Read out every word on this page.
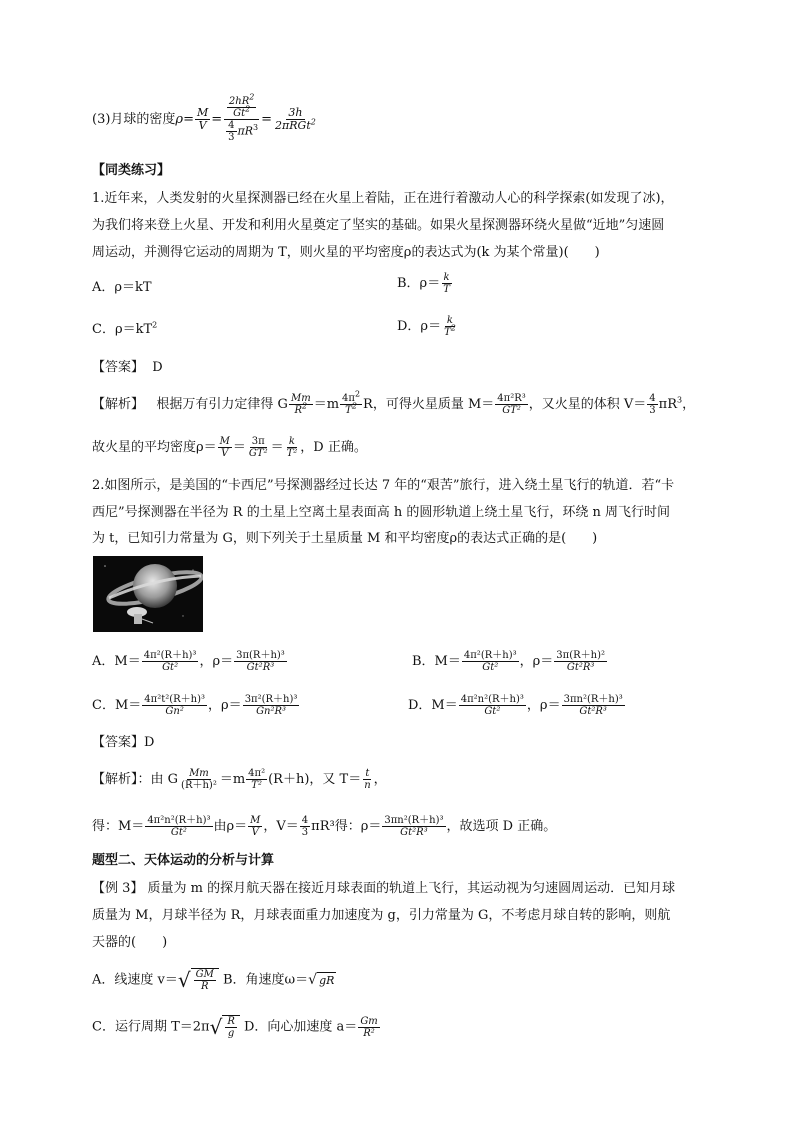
(3)月球的密度$\rho= \frac{M}{V} = \frac{\frac{2hR^2}{Gt^2}}{\frac{4}{3} \pi R^3} = \frac{3h}{2\pi RGt^2}$
【同类练习】
1.近年来，人类发射的火星探测器已经在火星上着陆，正在进行着激动人心的科学探索(如发现了冰)，
为我们将来登上火星、开发和利用火星奠定了坚实的基础。如果火星探测器环绕火星做“近地”匀速圆
周运动，并测得它运动的周期为 T，则火星的平均密度ρ的表达式为(k 为某个常量)(　　)
A．ρ＝kT	B．$\rho= \frac{k}{T}$
C．$\rho=kT^2$	D．$\rho= \frac{k}{T^2}$
【答案】 D
【解析】 根据万有引力定律得 G $\frac{Mm}{R^2} =m \frac{4\pi^2}{T^2}$ R，可得火星质量 $M= \frac{\text{4π²R³}}{\text{GT²}}$ ，又火星的体积 $V= \frac{4}{3} \pi R^3$，
故火星的平均密度$\rho= \frac{M}{V} = \frac{3\pi}{\text{GT²}} = \frac{k}{\text{T²}}$ ，D 正确。
2.如图所示，是美国的“卡西尼”号探测器经过长达 7 年的“艰苦”旅行，进入绕土星飞行的轨道．若“卡
西尼”号探测器在半径为 R 的土星上空离土星表面高 h 的圆形轨道上绕土星飞行，环绕 n 周飞行时间
为 t，已知引力常量为 G，则下列关于土星质量 M 和平均密度ρ的表达式正确的是(　　)
A．$M= \frac{\text{4π²(R＋h)³}}{\text{Gt²}}$ ，$\rho= \frac{\text{3π(R＋h)³}}{\text{Gt²R³}}$	B．$M= \frac{\text{4π²(R＋h)³}}{\text{Gt²}}$ ，$\rho= \frac{\text{3π(R＋h)²}}{\text{Gt²R³}}$
C．$M= \frac{\text{4π²t²(R＋h)³}}{\text{Gn²}}$ ，$\rho= \frac{\text{3π²(R＋h)³}}{\text{Gn²R³}}$	D．$M= \frac{\text{4π²n²(R＋h)³}}{\text{Gt²}}$ ，$\rho= \frac{\text{3πn²(R＋h)³}}{\text{Gt²R³}}$
【答案】D
【解析】：由 G $\frac{Mm}{\text{(R＋h)²}} =m \frac{\text{4π²}}{\text{T²}} (R+h)$，又 $T= \frac{t}{n}$ ，
得：$M= \frac{\text{4π²n²(R＋h)³}}{\text{Gt²}}$ 由$\rho= \frac{M}{V}$ ，$V= \frac{4}{3} \pi R^3$得：$\rho= \frac{\text{3πn²(R＋h)³}}{\text{Gt²R³}}$ ，故选项 D 正确。
题型二、天体运动的分析与计算
【例 3】 质量为 m 的探月航天器在接近月球表面的轨道上飞行，其运动视为匀速圆周运动．已知月球
质量为 M，月球半径为 R，月球表面重力加速度为 g，引力常量为 G，不考虑月球自转的影响，则航
天器的(　　)
A．线速度 v＝ √ $\frac{GM}{R}$ B．角速度ω＝ √ gR
C．运行周期 T＝2π √ $\frac{R}{g}$ D．向心加速度 $a= \frac{Gm}{\text{R²}}$
